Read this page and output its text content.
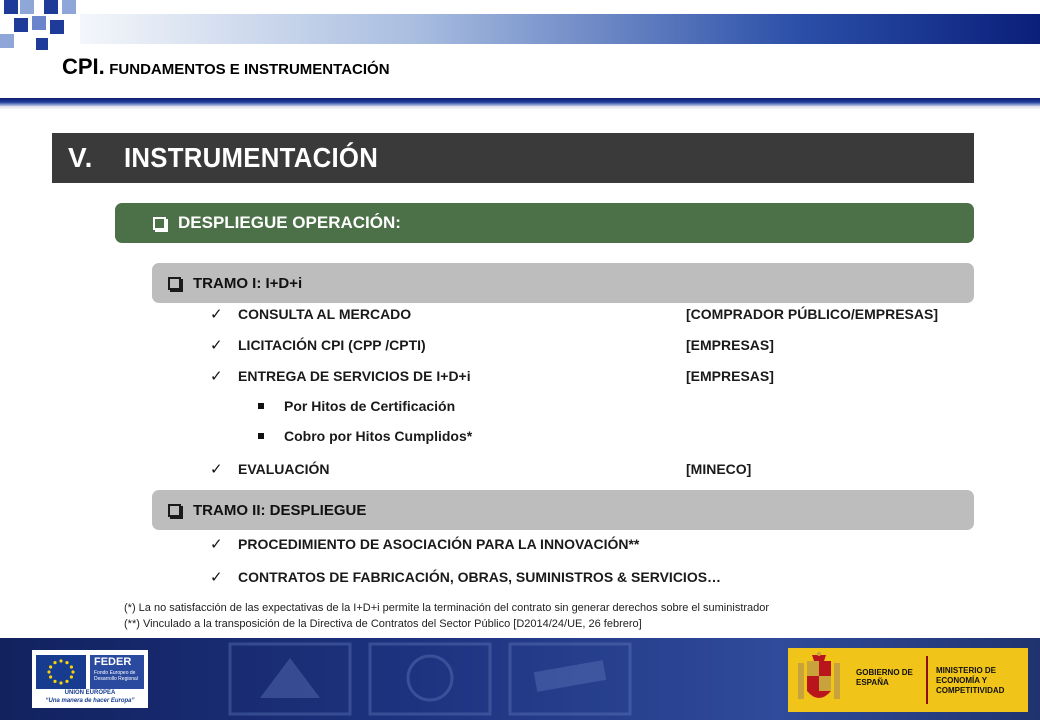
CPI. FUNDAMENTOS E INSTRUMENTACIÓN
V.	INSTRUMENTACIÓN
DESPLIEGUE OPERACIÓN:
TRAMO I: I+D+i
✓	CONSULTA AL MERCADO	[COMPRADOR PÚBLICO/EMPRESAS]
✓	LICITACIÓN CPI (CPP /CPTI)	[EMPRESAS]
✓	ENTREGA DE SERVICIOS DE I+D+i	[EMPRESAS]
Por Hitos de Certificación
Cobro por Hitos Cumplidos*
✓	EVALUACIÓN	[MINECO]
TRAMO II: DESPLIEGUE
✓	PROCEDIMIENTO DE ASOCIACIÓN PARA LA INNOVACIÓN**
✓	CONTRATOS DE FABRICACIÓN, OBRAS, SUMINISTROS & SERVICIOS…
(*) La no satisfacción de las expectativas de la I+D+i permite la terminación del contrato sin generar derechos sobre el suministrador
(**) Vinculado a la transposición de la Directiva de Contratos del Sector Público [D2014/24/UE, 26 febrero]
FEDER
Fondo Europeo de Desarrollo Regional
UNIÓN EUROPEA
“Una manera de hacer Europa”
GOBIERNO DE ESPAÑA
MINISTERIO DE ECONOMÍA Y COMPETITIVIDAD
